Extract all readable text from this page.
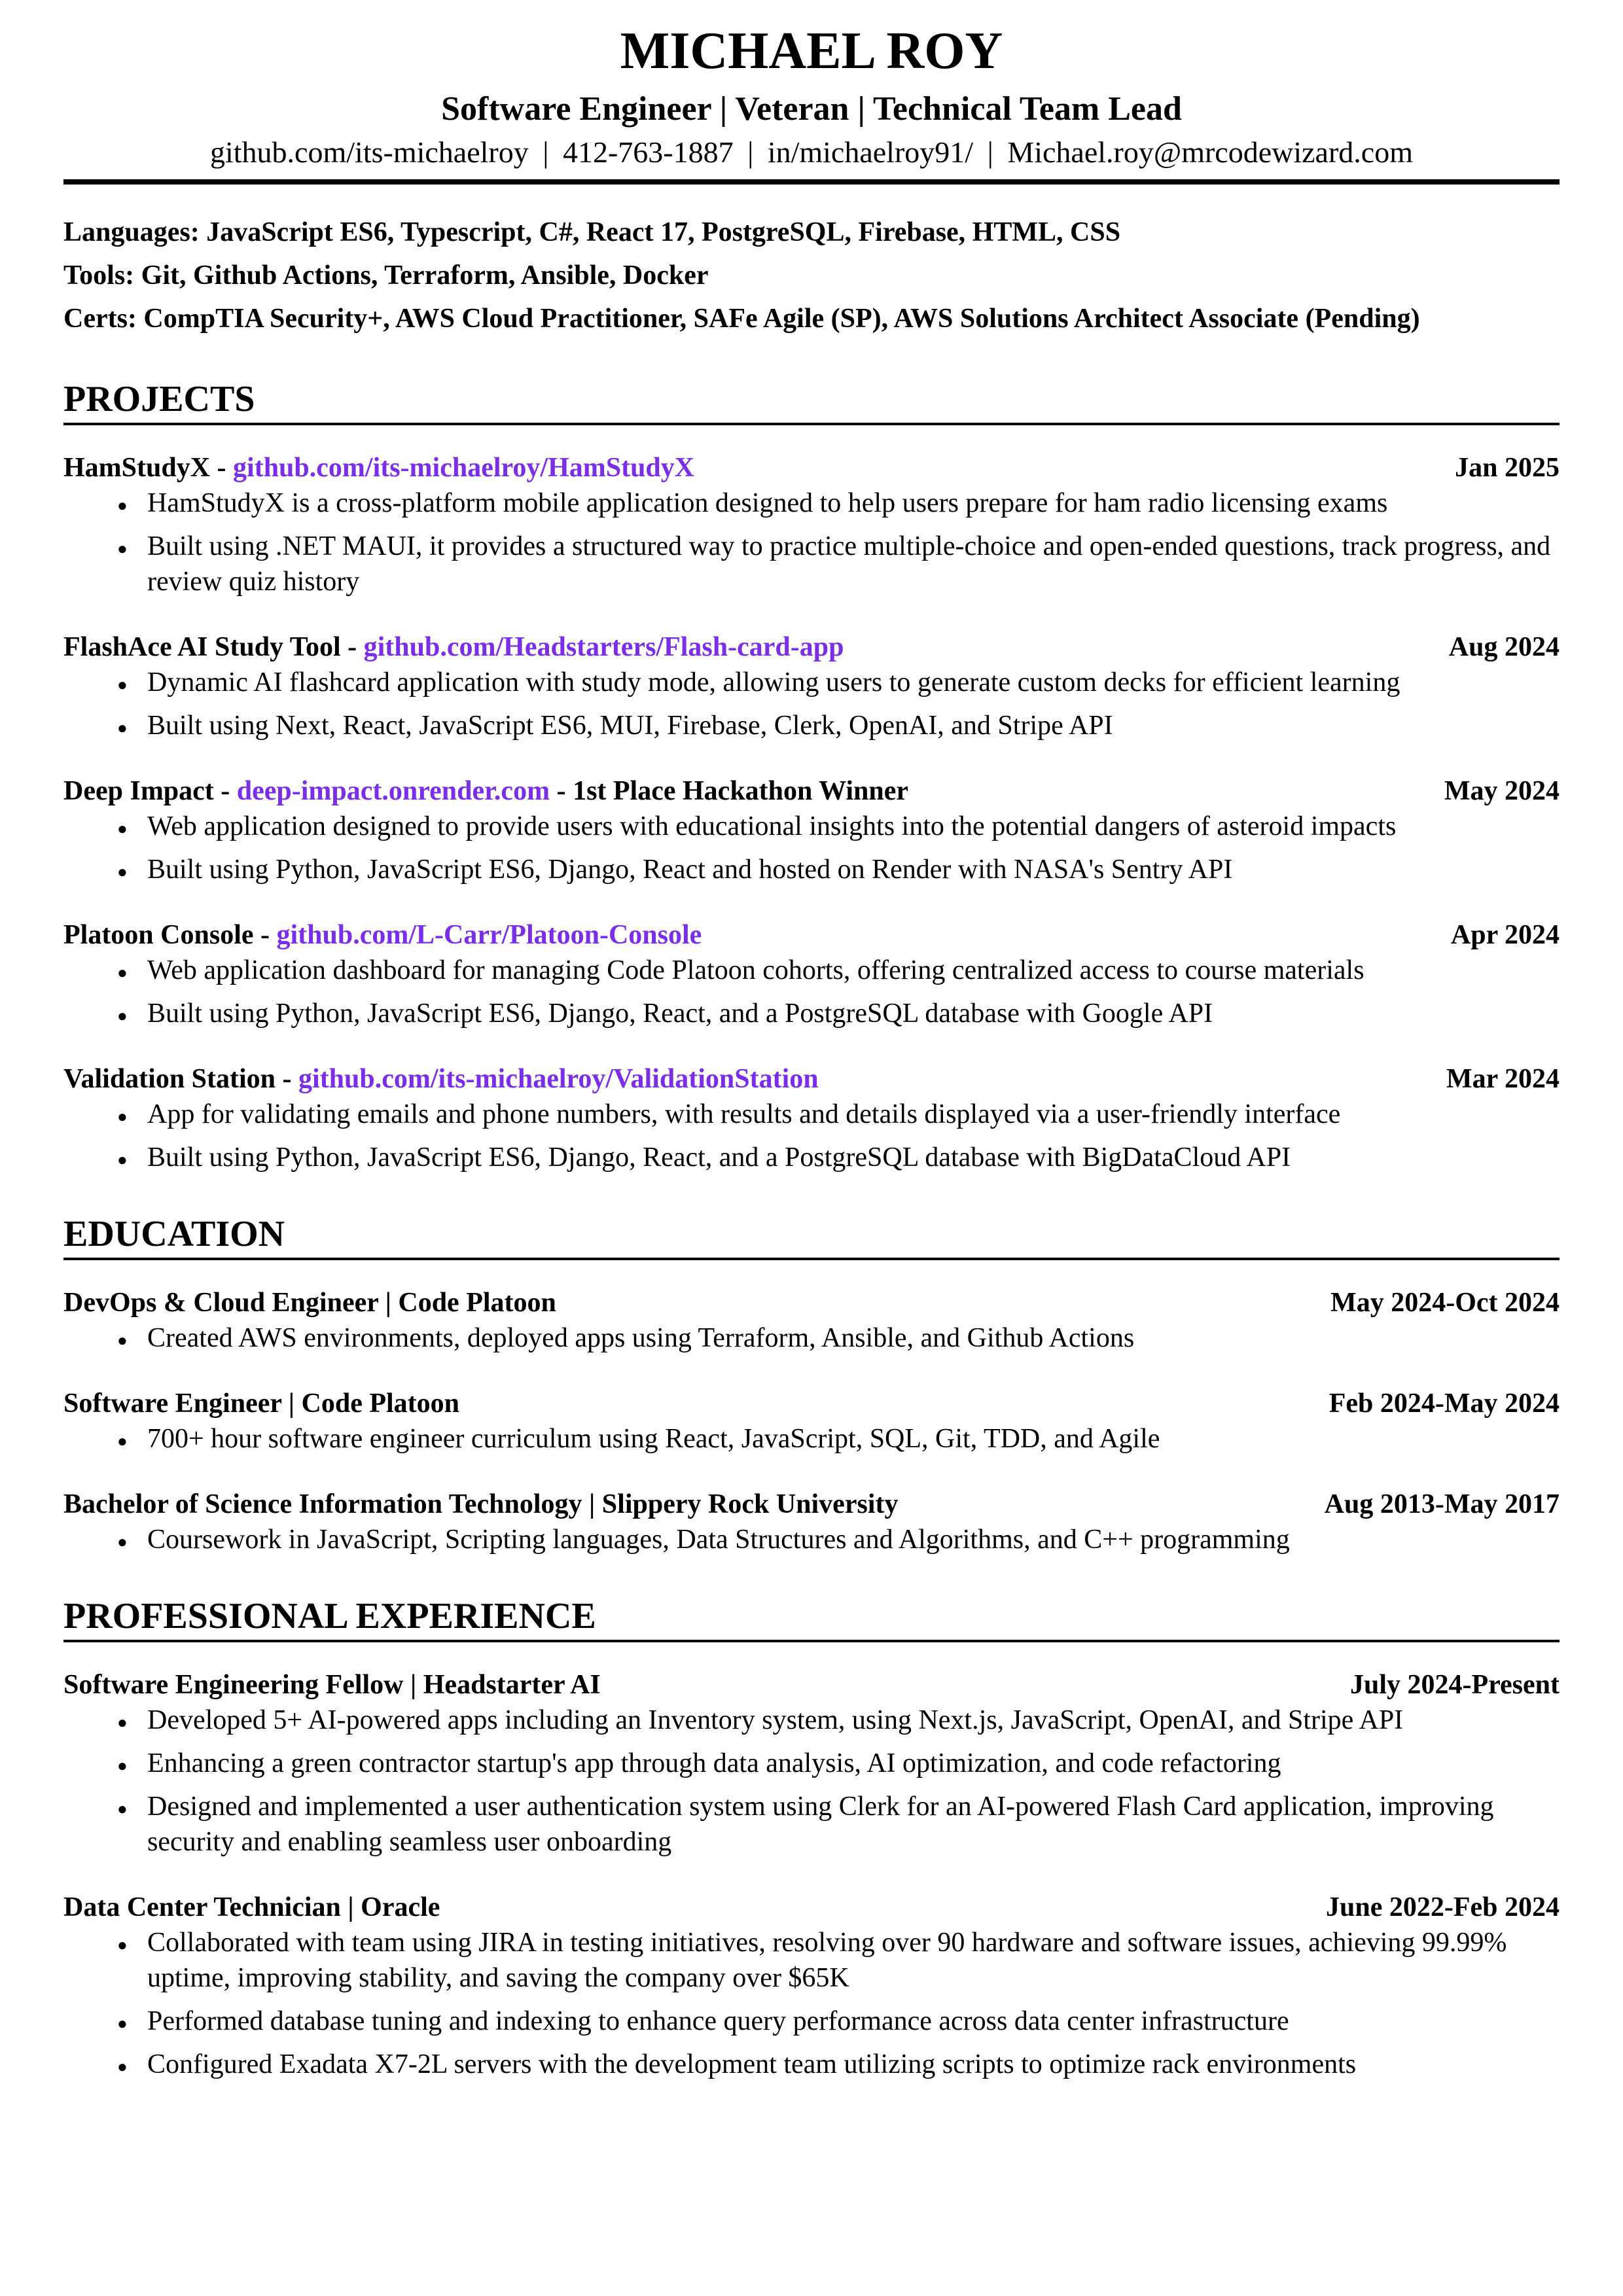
MICHAEL ROY
Software Engineer | Veteran | Technical Team Lead
github.com/its-michaelroy | 412-763-1887 | in/michaelroy91/ | Michael.roy@mrcodewizard.com
Languages: JavaScript ES6, Typescript, C#, React 17, PostgreSQL, Firebase, HTML, CSS
Tools: Git, Github Actions, Terraform, Ansible, Docker
Certs: CompTIA Security+, AWS Cloud Practitioner, SAFe Agile (SP), AWS Solutions Architect Associate (Pending)
PROJECTS
HamStudyX - github.com/its-michaelroy/HamStudyX	Jan 2025
● HamStudyX is a cross-platform mobile application designed to help users prepare for ham radio licensing exams
● Built using .NET MAUI, it provides a structured way to practice multiple-choice and open-ended questions, track progress, and review quiz history
FlashAce AI Study Tool - github.com/Headstarters/Flash-card-app	Aug 2024
● Dynamic AI flashcard application with study mode, allowing users to generate custom decks for efficient learning
● Built using Next, React, JavaScript ES6, MUI, Firebase, Clerk, OpenAI, and Stripe API
Deep Impact - deep-impact.onrender.com - 1st Place Hackathon Winner	May 2024
● Web application designed to provide users with educational insights into the potential dangers of asteroid impacts
● Built using Python, JavaScript ES6, Django, React and hosted on Render with NASA's Sentry API
Platoon Console - github.com/L-Carr/Platoon-Console	Apr 2024
● Web application dashboard for managing Code Platoon cohorts, offering centralized access to course materials
● Built using Python, JavaScript ES6, Django, React, and a PostgreSQL database with Google API
Validation Station - github.com/its-michaelroy/ValidationStation	Mar 2024
● App for validating emails and phone numbers, with results and details displayed via a user-friendly interface
● Built using Python, JavaScript ES6, Django, React, and a PostgreSQL database with BigDataCloud API
EDUCATION
DevOps & Cloud Engineer | Code Platoon	May 2024-Oct 2024
● Created AWS environments, deployed apps using Terraform, Ansible, and Github Actions
Software Engineer | Code Platoon	Feb 2024-May 2024
● 700+ hour software engineer curriculum using React, JavaScript, SQL, Git, TDD, and Agile
Bachelor of Science Information Technology | Slippery Rock University	Aug 2013-May 2017
● Coursework in JavaScript, Scripting languages, Data Structures and Algorithms, and C++ programming
PROFESSIONAL EXPERIENCE
Software Engineering Fellow | Headstarter AI	July 2024-Present
● Developed 5+ AI-powered apps including an Inventory system, using Next.js, JavaScript, OpenAI, and Stripe API
● Enhancing a green contractor startup's app through data analysis, AI optimization, and code refactoring
● Designed and implemented a user authentication system using Clerk for an AI-powered Flash Card application, improving security and enabling seamless user onboarding
Data Center Technician | Oracle	June 2022-Feb 2024
● Collaborated with team using JIRA in testing initiatives, resolving over 90 hardware and software issues, achieving 99.99% uptime, improving stability, and saving the company over $65K
● Performed database tuning and indexing to enhance query performance across data center infrastructure
● Configured Exadata X7-2L servers with the development team utilizing scripts to optimize rack environments
